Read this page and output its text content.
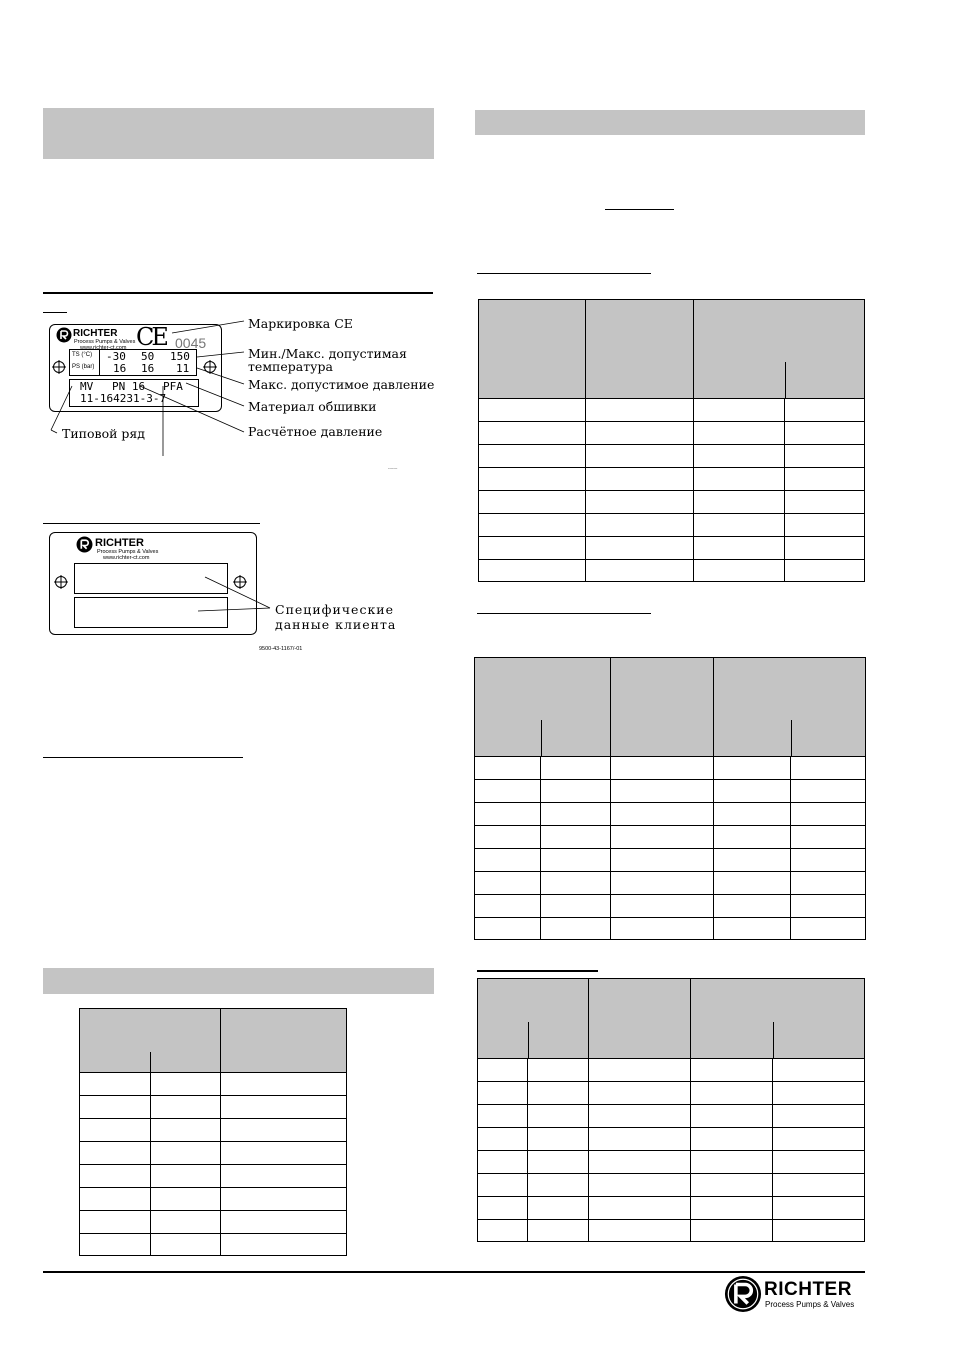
RICHTER
Process Pumps & Valves
www.richter-ct.com CE 0045
TS (°C)
PS (bar)
-30 50 150
16 16 11
MV PN 16 PFA
11-164231-3-7
Маркировка CE
Мин./Макс. допустимая
температура
Макс. допустимое давление
Материал обшивки
Расчётное давление
Типовой ряд
-------
RICHTER
Process Pumps & Valves
www.richter-ct.com
Специфические
данные клиента
9500-43-1167/-01

RICHTER
Process Pumps & Valves
